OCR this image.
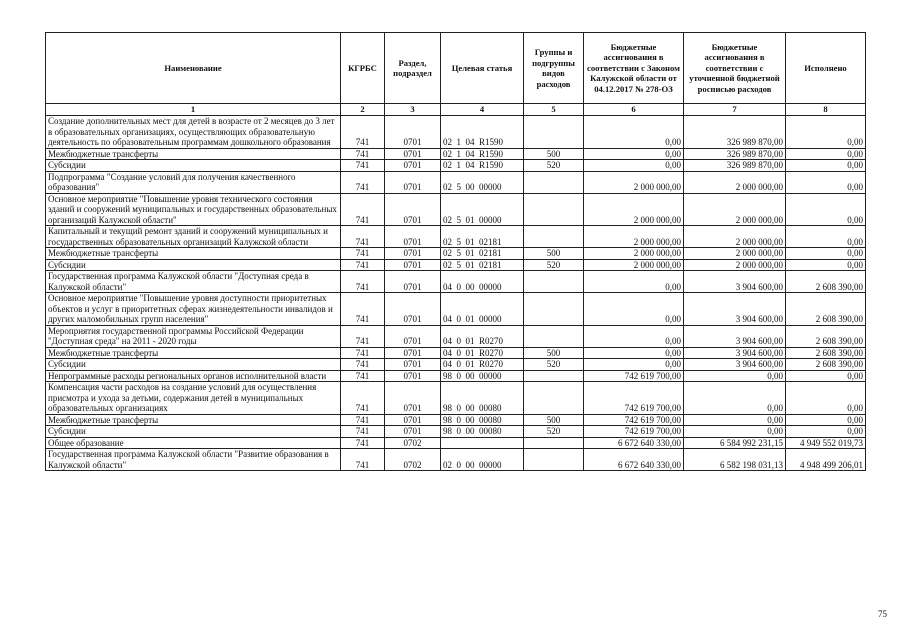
Наименование	КГРБС	Раздел, подраздел	Целевая статья	Группы и подгруппы видов расходов	Бюджетные ассигнования в соответствии с Законом Калужской области от 04.12.2017 № 278-ОЗ	Бюджетные ассигнования в соответствии с уточненной бюджетной росписью расходов	Исполнено
1	2	3	4	5	6	7	8
Создание дополнительных мест для детей в возрасте от 2 месяцев до 3 лет в образовательных организациях, осуществляющих образовательную деятельность по образовательным программам дошкольного образования	741	0701	02  1  04  R1590		0,00	326 989 870,00	0,00
Межбюджетные трансферты	741	0701	02  1  04  R1590	500	0,00	326 989 870,00	0,00
Субсидии	741	0701	02  1  04  R1590	520	0,00	326 989 870,00	0,00
Подпрограмма "Создание условий для получения качественного образования"	741	0701	02  5  00  00000		2 000 000,00	2 000 000,00	0,00
Основное мероприятие "Повышение уровня технического состояния зданий и сооружений муниципальных и государственных образовательных организаций Калужской области"	741	0701	02  5  01  00000		2 000 000,00	2 000 000,00	0,00
Капитальный и текущий ремонт зданий и сооружений муниципальных и государственных образовательных организаций Калужской области	741	0701	02  5  01  02181		2 000 000,00	2 000 000,00	0,00
Межбюджетные трансферты	741	0701	02  5  01  02181	500	2 000 000,00	2 000 000,00	0,00
Субсидии	741	0701	02  5  01  02181	520	2 000 000,00	2 000 000,00	0,00
Государственная программа Калужской области "Доступная среда в Калужской области"	741	0701	04  0  00  00000		0,00	3 904 600,00	2 608 390,00
Основное мероприятие "Повышение уровня доступности приоритетных объектов и услуг в приоритетных сферах жизнедеятельности инвалидов и других маломобильных групп населения"	741	0701	04  0  01  00000		0,00	3 904 600,00	2 608 390,00
Мероприятия государственной программы Российской Федерации "Доступная среда" на 2011 - 2020 годы	741	0701	04  0  01  R0270		0,00	3 904 600,00	2 608 390,00
Межбюджетные трансферты	741	0701	04  0  01  R0270	500	0,00	3 904 600,00	2 608 390,00
Субсидии	741	0701	04  0  01  R0270	520	0,00	3 904 600,00	2 608 390,00
Непрограммные расходы региональных органов исполнительной власти	741	0701	98  0  00  00000		742 619 700,00	0,00	0,00
Компенсация части расходов на создание условий для осуществления присмотра и ухода за детьми, содержания детей в муниципальных образовательных организациях	741	0701	98  0  00  00080		742 619 700,00	0,00	0,00
Межбюджетные трансферты	741	0701	98  0  00  00080	500	742 619 700,00	0,00	0,00
Субсидии	741	0701	98  0  00  00080	520	742 619 700,00	0,00	0,00
Общее образование	741	0702			6 672 640 330,00	6 584 992 231,15	4 949 552 019,73
Государственная программа Калужской области "Развитие образования в Калужской области"	741	0702	02  0  00  00000		6 672 640 330,00	6 582 198 031,13	4 948 499 206,01
75
